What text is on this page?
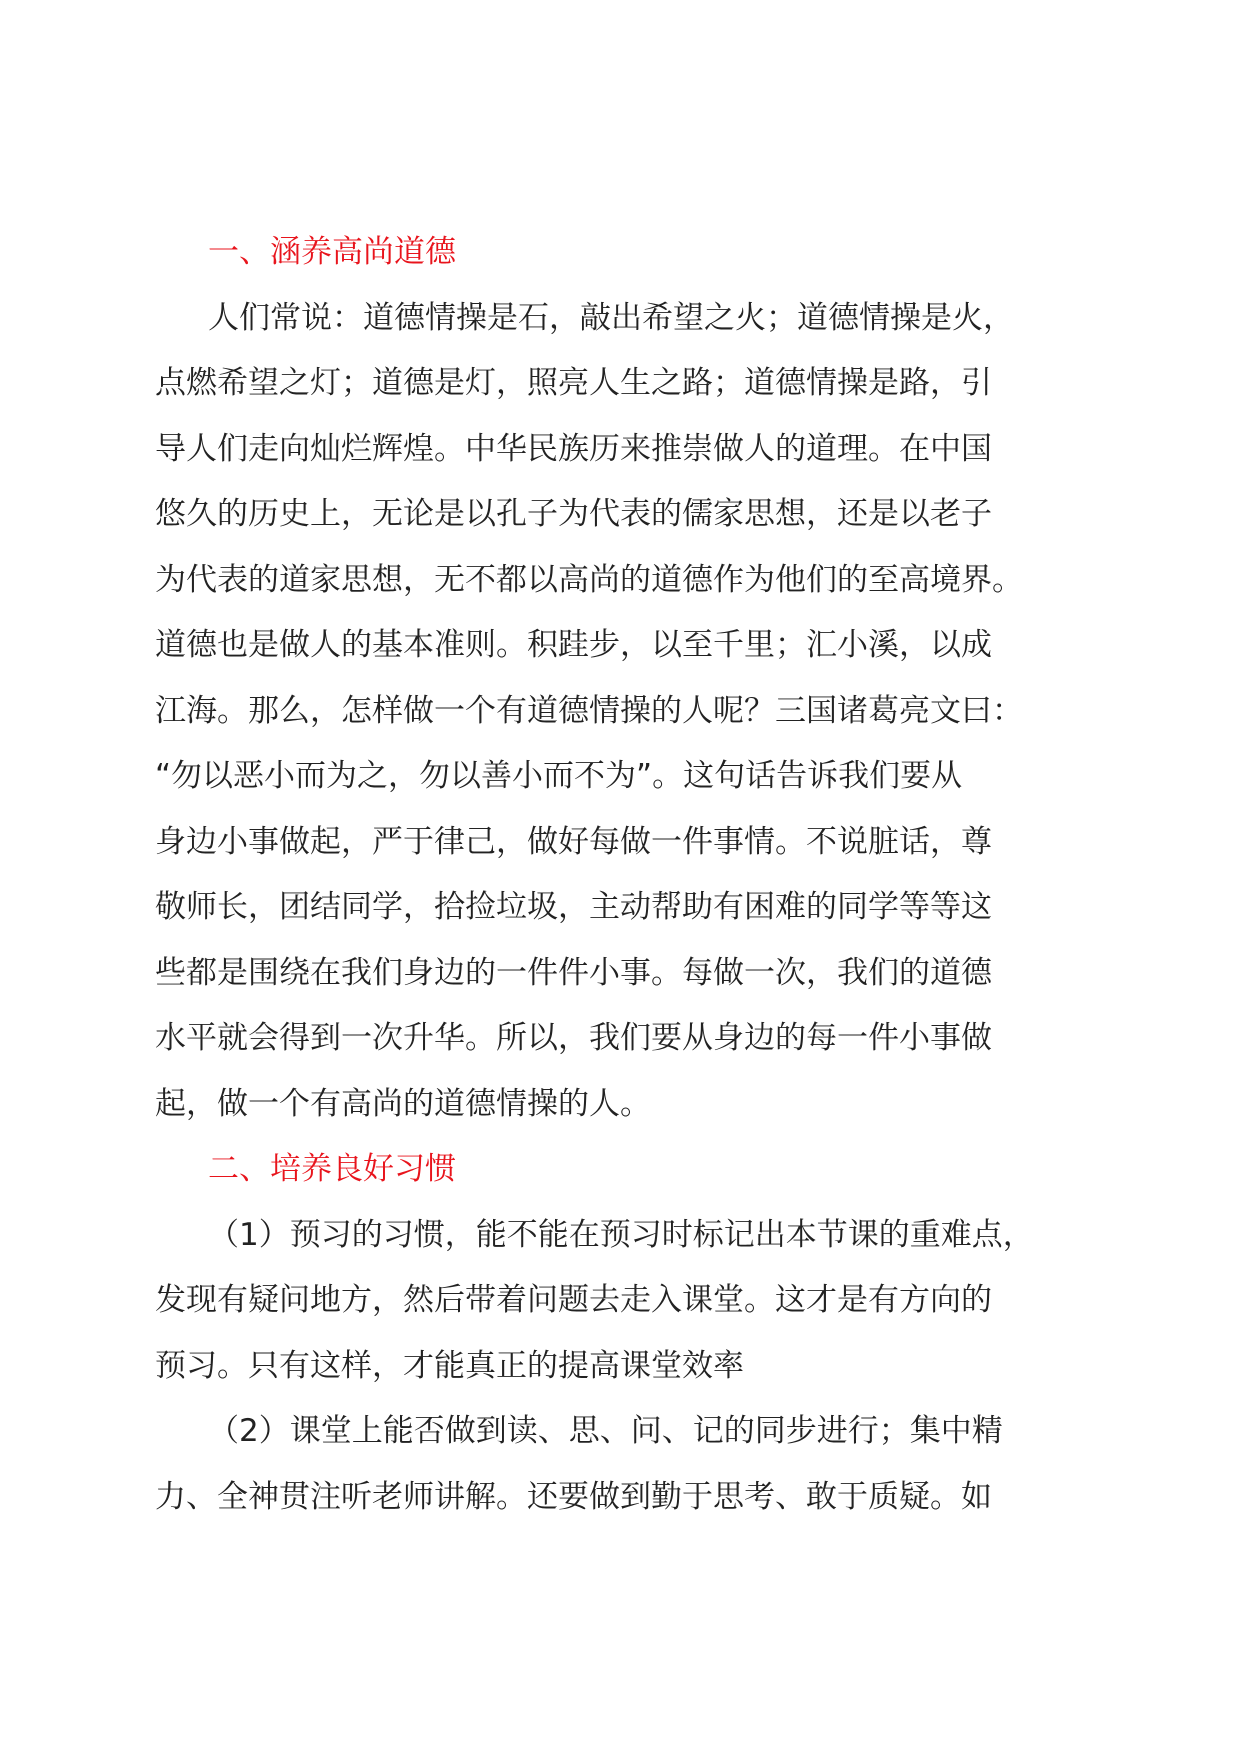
一、涵养高尚道德
人们常说：道德情操是石，敲出希望之火；道德情操是火，
点燃希望之灯；道德是灯，照亮人生之路；道德情操是路，引
导人们走向灿烂辉煌。中华民族历来推崇做人的道理。在中国
悠久的历史上，无论是以孔子为代表的儒家思想，还是以老子
为代表的道家思想，无不都以高尚的道德作为他们的至高境界。
道德也是做人的基本准则。积跬步，以至千里；汇小溪，以成
江海。那么，怎样做一个有道德情操的人呢？三国诸葛亮文曰：
“勿以恶小而为之，勿以善小而不为”。这句话告诉我们要从
身边小事做起，严于律己，做好每做一件事情。不说脏话，尊
敬师长，团结同学，拾捡垃圾，主动帮助有困难的同学等等这
些都是围绕在我们身边的一件件小事。每做一次，我们的道德
水平就会得到一次升华。所以，我们要从身边的每一件小事做
起，做一个有高尚的道德情操的人。
二、培养良好习惯
（1）预习的习惯，能不能在预习时标记出本节课的重难点，
发现有疑问地方，然后带着问题去走入课堂。这才是有方向的
预习。只有这样，才能真正的提高课堂效率
（2）课堂上能否做到读、思、问、记的同步进行；集中精
力、全神贯注听老师讲解。还要做到勤于思考、敢于质疑。如
